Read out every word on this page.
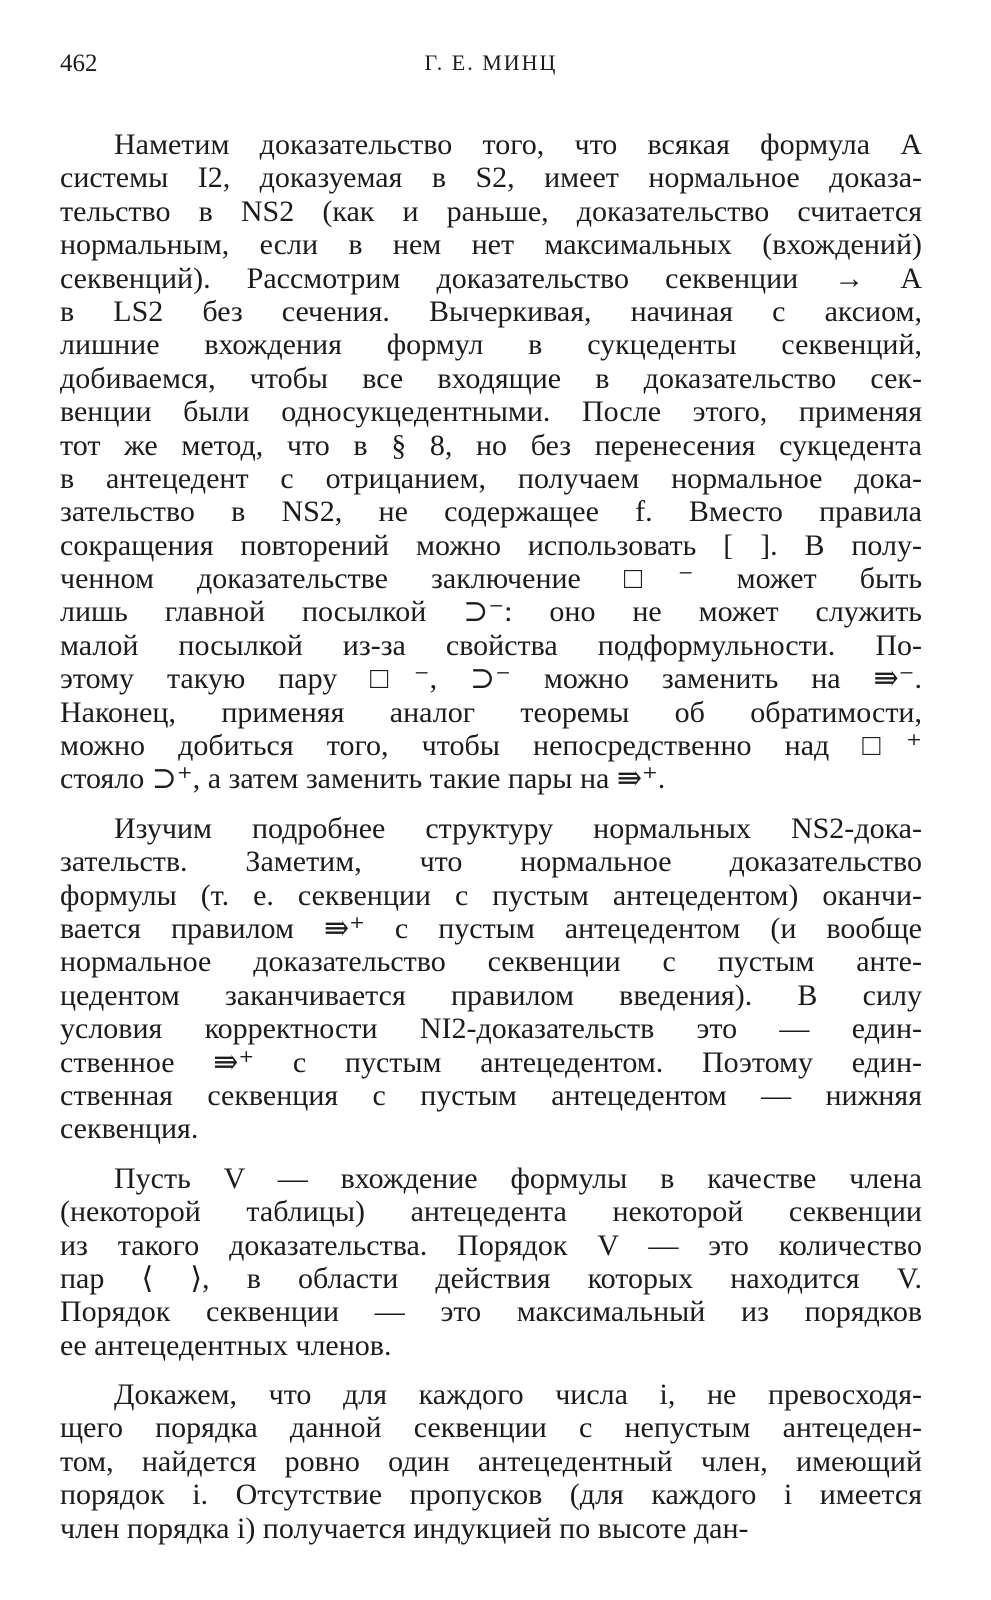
462	Г. Е. МИНЦ

Наметим доказательство того, что всякая формула A
системы I2, доказуемая в S2, имеет нормальное доказа-
тельство в NS2 (как и раньше, доказательство считается
нормальным, если в нем нет максимальных (вхождений)
секвенций). Рассмотрим доказательство секвенции → A
в LS2 без сечения. Вычеркивая, начиная с аксиом,
лишние вхождения формул в сукцеденты секвенций,
добиваемся, чтобы все входящие в доказательство сек-
венции были односукцедентными. После этого, применяя
тот же метод, что в § 8, но без перенесения сукцедента
в антецедент с отрицанием, получаем нормальное дока-
зательство в NS2, не содержащее f. Вместо правила
сокращения повторений можно использовать [ ]. В полу-
ченном доказательстве заключение □⁻ может быть
лишь главной посылкой ⊃⁻: оно не может служить
малой посылкой из-за свойства подформульности. По-
этому такую пару □⁻, ⊃⁻ можно заменить на ⇛⁻.
Наконец, применяя аналог теоремы об обратимости,
можно добиться того, чтобы непосредственно над □⁺
стояло ⊃⁺, а затем заменить такие пары на ⇛⁺.

Изучим подробнее структуру нормальных NS2-дока-
зательств. Заметим, что нормальное доказательство
формулы (т. е. секвенции с пустым антецедентом) оканчи-
вается правилом ⇛⁺ с пустым антецедентом (и вообще
нормальное доказательство секвенции с пустым анте-
цедентом заканчивается правилом введения). В силу
условия корректности NI2-доказательств это — един-
ственное ⇛⁺ с пустым антецедентом. Поэтому един-
ственная секвенция с пустым антецедентом — нижняя
секвенция.

Пусть V — вхождение формулы в качестве члена
(некоторой таблицы) антецедента некоторой секвенции
из такого доказательства. Порядок V — это количество
пар ⟨ ⟩, в области действия которых находится V.
Порядок секвенции — это максимальный из порядков
ее антецедентных членов.

Докажем, что для каждого числа i, не превосходя-
щего порядка данной секвенции с непустым антецеден-
том, найдется ровно один антецедентный член, имеющий
порядок i. Отсутствие пропусков (для каждого i имеется
член порядка i) получается индукцией по высоте дан-
